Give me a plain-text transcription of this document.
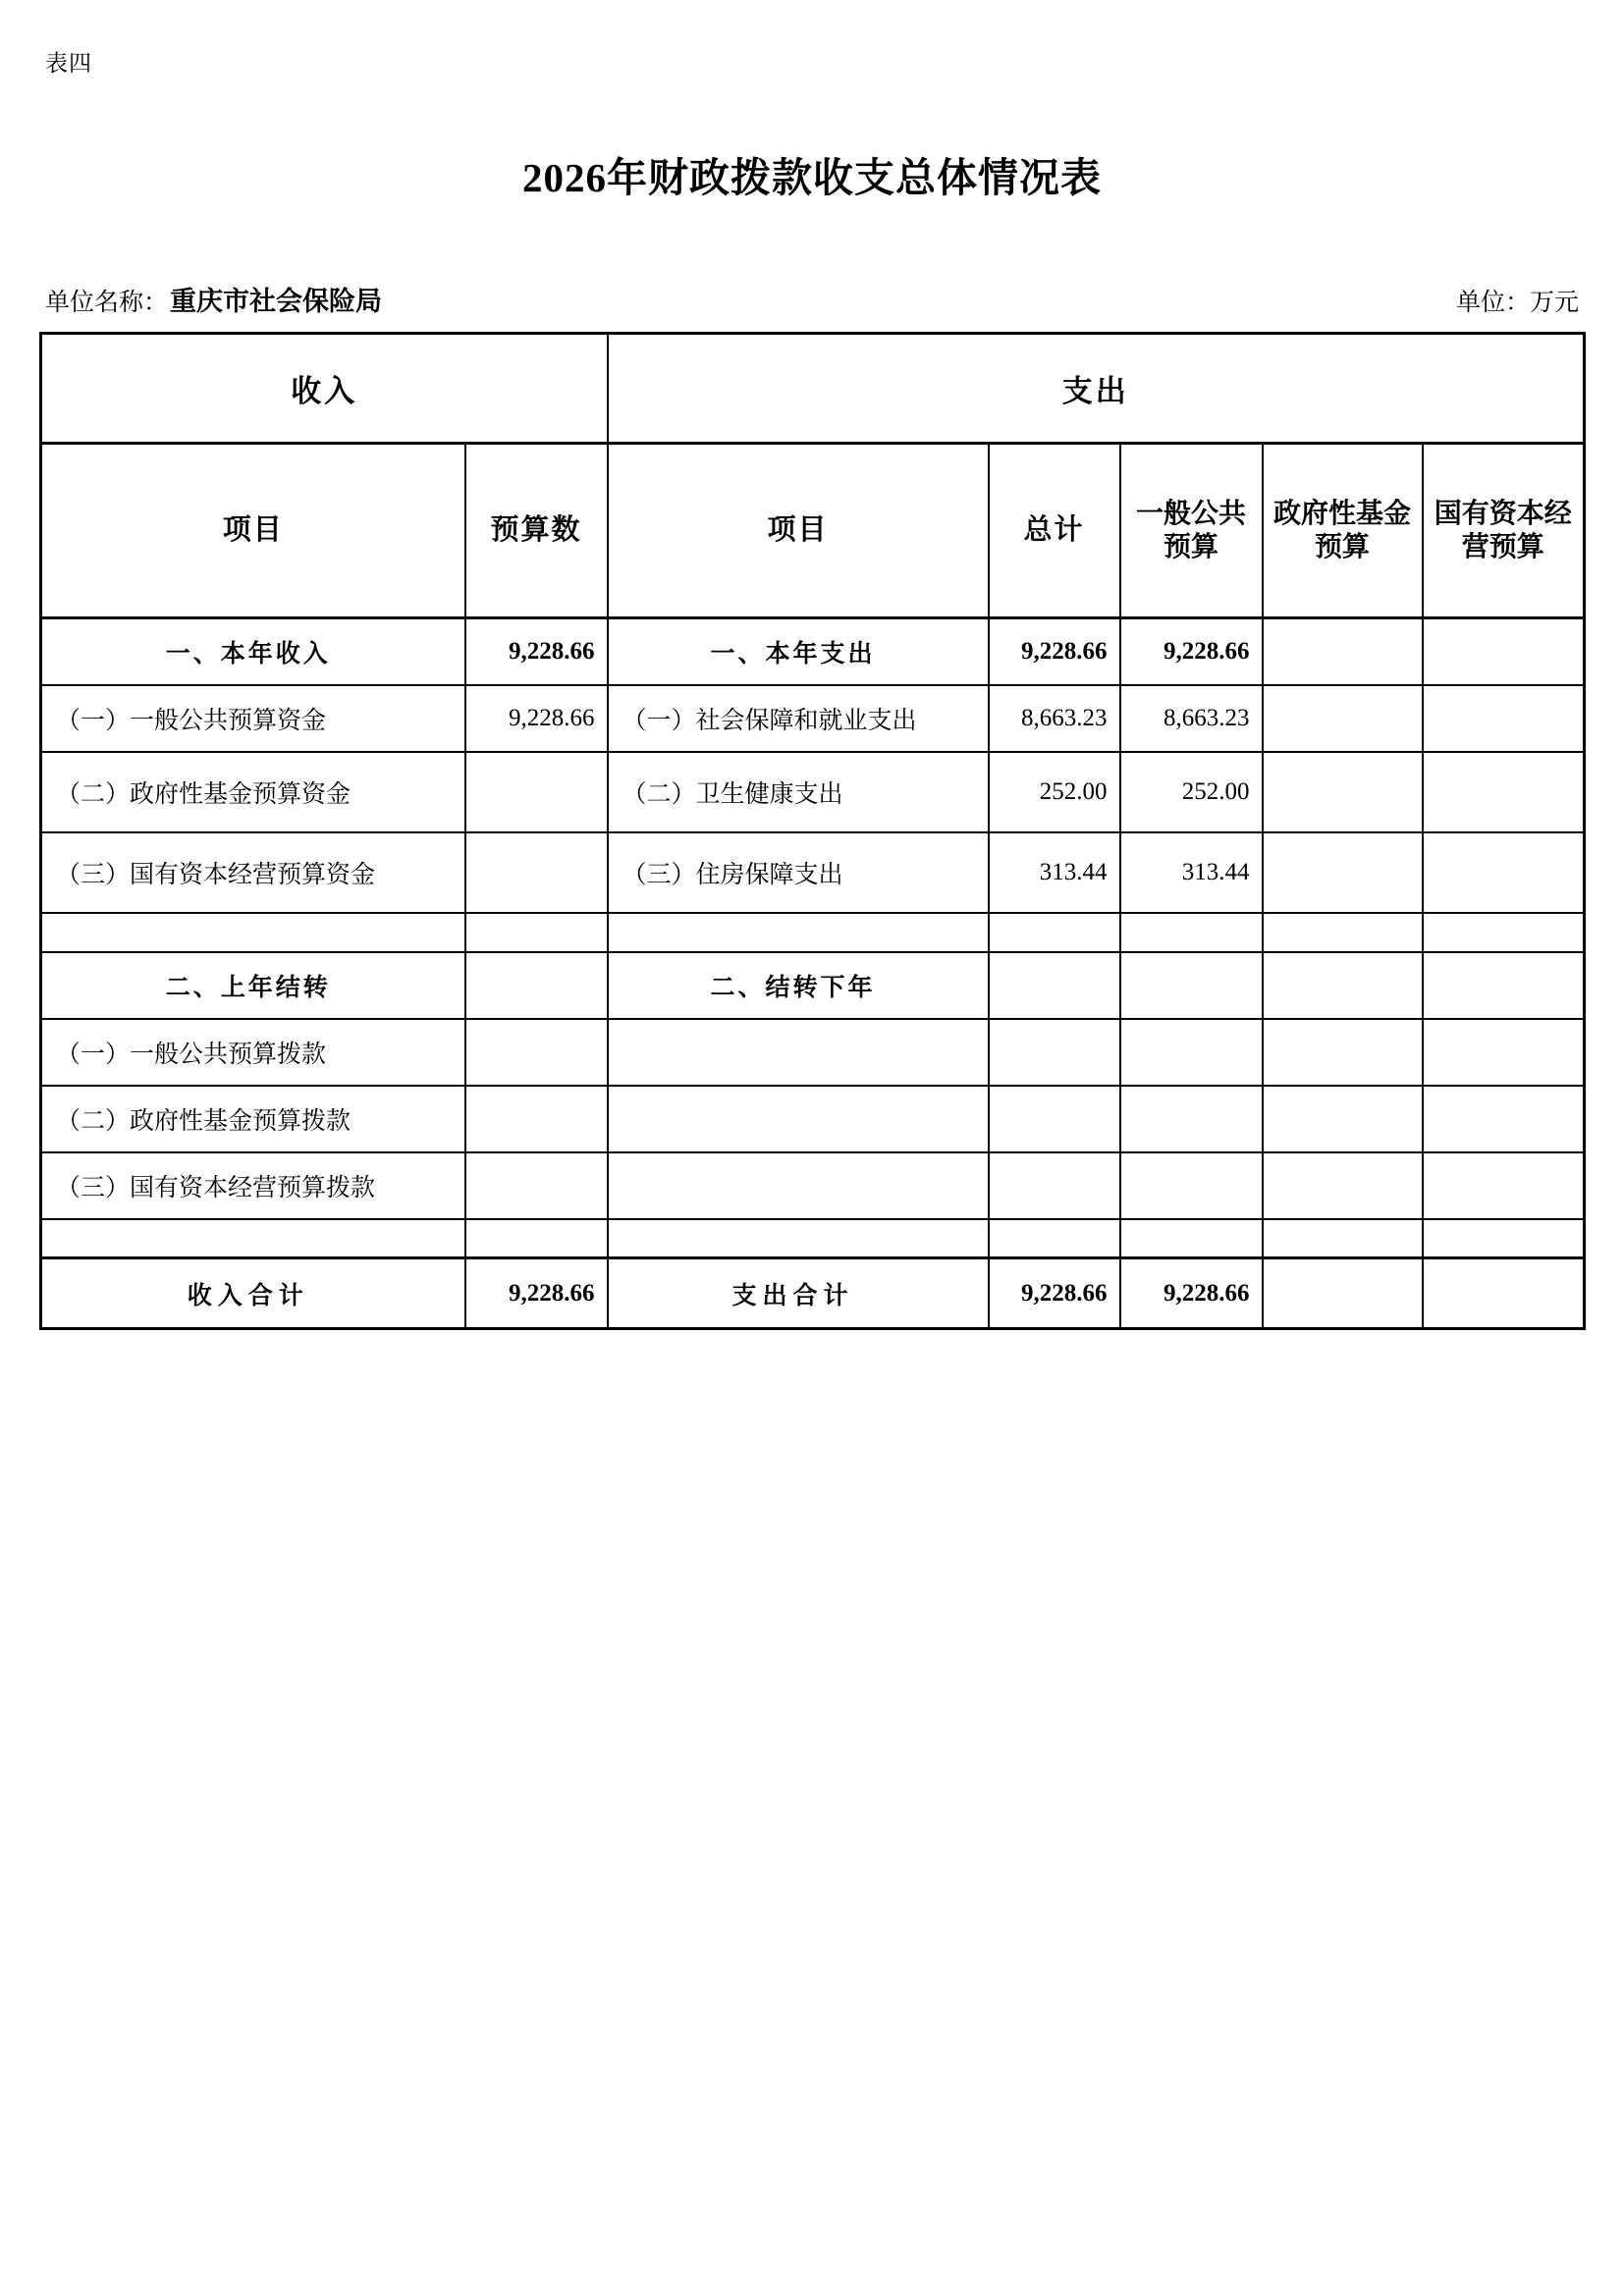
表四
2026年财政拨款收支总体情况表
单位名称： 重庆市社会保险局	单位：万元
收入		支出				
项目	预算数	项目	总计	一般公共预算	政府性基金预算	国有资本经营预算
一、本年收入	9,228.66	一、本年支出	9,228.66	9,228.66		
（一）一般公共预算资金	9,228.66	（一）社会保障和就业支出	8,663.23	8,663.23		
（二）政府性基金预算资金		（二）卫生健康支出	252.00	252.00		
（三）国有资本经营预算资金		（三）住房保障支出	313.44	313.44		

二、上年结转		二、结转下年				
（一）一般公共预算拨款						
（二）政府性基金预算拨款						
（三）国有资本经营预算拨款						

收入合计	9,228.66	支出合计	9,228.66	9,228.66		
